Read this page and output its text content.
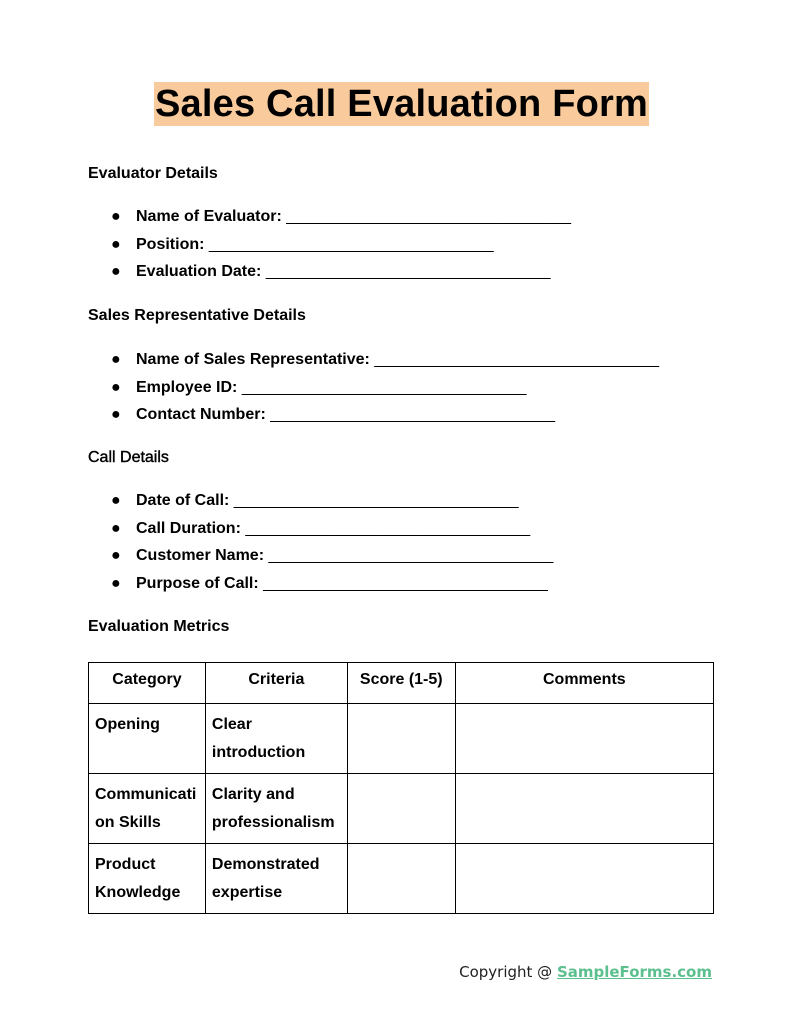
Sales Call Evaluation Form
Evaluator Details
● Name of Evaluator: ________________________________
● Position: ________________________________
● Evaluation Date: ________________________________
Sales Representative Details
● Name of Sales Representative: ________________________________
● Employee ID: ________________________________
● Contact Number: ________________________________
Call Details
● Date of Call: ________________________________
● Call Duration: ________________________________
● Customer Name: ________________________________
● Purpose of Call: ________________________________
Evaluation Metrics
Category	Criteria	Score (1-5)	Comments
Opening	Clear introduction		
Communication Skills	Clarity and professionalism		
Product Knowledge	Demonstrated expertise		
Copyright @ SampleForms.com
